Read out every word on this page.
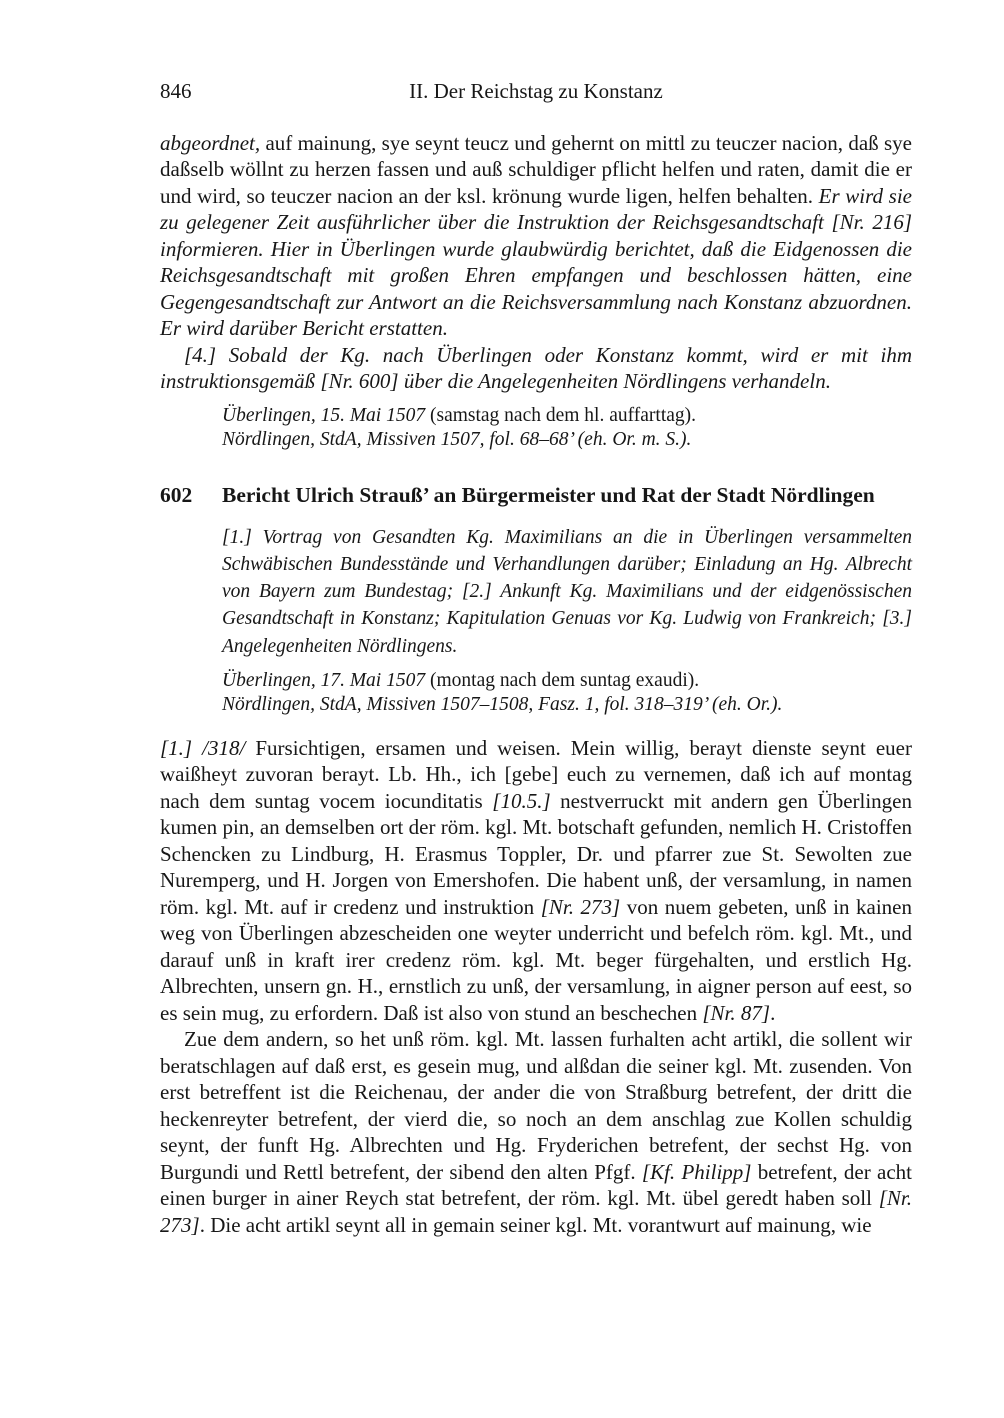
846	II. Der Reichstag zu Konstanz

abgeordnet, auf mainung, sye seynt teucz und gehernt on mittl zu teuczer nacion, daß sye daßselb wöllnt zu herzen fassen und auß schuldiger pflicht helfen und raten, damit die er und wird, so teuczer nacion an der ksl. krönung wurde ligen, helfen behalten. Er wird sie zu gelegener Zeit ausführlicher über die Instruktion der Reichsgesandtschaft [Nr. 216] informieren. Hier in Überlingen wurde glaubwürdig berichtet, daß die Eidgenossen die Reichsgesandtschaft mit großen Ehren empfangen und beschlossen hätten, eine Gegengesandtschaft zur Antwort an die Reichsversammlung nach Konstanz abzuordnen. Er wird darüber Bericht erstatten.

[4.] Sobald der Kg. nach Überlingen oder Konstanz kommt, wird er mit ihm instruktionsgemäß [Nr. 600] über die Angelegenheiten Nördlingens verhandeln.

Überlingen, 15. Mai 1507 (samstag nach dem hl. auffarttag).

Nördlingen, StdA, Missiven 1507, fol. 68–68’ (eh. Or. m. S.).

602	Bericht Ulrich Strauß’ an Bürgermeister und Rat der Stadt Nördlingen

[1.] Vortrag von Gesandten Kg. Maximilians an die in Überlingen versammelten Schwäbischen Bundesstände und Verhandlungen darüber; Einladung an Hg. Albrecht von Bayern zum Bundestag; [2.] Ankunft Kg. Maximilians und der eidgenössischen Gesandtschaft in Konstanz; Kapitulation Genuas vor Kg. Ludwig von Frankreich; [3.] Angelegenheiten Nördlingens.

Überlingen, 17. Mai 1507 (montag nach dem suntag exaudi).

Nördlingen, StdA, Missiven 1507–1508, Fasz. 1, fol. 318–319’ (eh. Or.).

[1.] /318/ Fursichtigen, ersamen und weisen. Mein willig, berayt dienste seynt euer waißheyt zuvoran berayt. Lb. Hh., ich [gebe] euch zu vernemen, daß ich auf montag nach dem suntag vocem iocunditatis [10.5.] nestverruckt mit andern gen Überlingen kumen pin, an demselben ort der röm. kgl. Mt. botschaft gefunden, nemlich H. Cristoffen Schencken zu Lindburg, H. Erasmus Toppler, Dr. und pfarrer zue St. Sewolten zue Nuremperg, und H. Jorgen von Emershofen. Die habent unß, der versamlung, in namen röm. kgl. Mt. auf ir credenz und instruktion [Nr. 273] von nuem gebeten, unß in kainen weg von Überlingen abzescheiden one weyter underricht und befelch röm. kgl. Mt., und darauf unß in kraft irer credenz röm. kgl. Mt. beger fürgehalten, und erstlich Hg. Albrechten, unsern gn. H., ernstlich zu unß, der versamlung, in aigner person auf eest, so es sein mug, zu erfordern. Daß ist also von stund an beschechen [Nr. 87].

Zue dem andern, so het unß röm. kgl. Mt. lassen furhalten acht artikl, die sollent wir beratschlagen auf daß erst, es gesein mug, und alßdan die seiner kgl. Mt. zusenden. Von erst betreffent ist die Reichenau, der ander die von Straßburg betrefent, der dritt die heckenreyter betrefent, der vierd die, so noch an dem anschlag zue Kollen schuldig seynt, der funft Hg. Albrechten und Hg. Fryderichen betrefent, der sechst Hg. von Burgundi und Rettl betrefent, der sibend den alten Pfgf. [Kf. Philipp] betrefent, der acht einen burger in ainer Reych stat betrefent, der röm. kgl. Mt. übel geredt haben soll [Nr. 273]. Die acht artikl seynt all in gemain seiner kgl. Mt. vorantwurt auf mainung, wie
